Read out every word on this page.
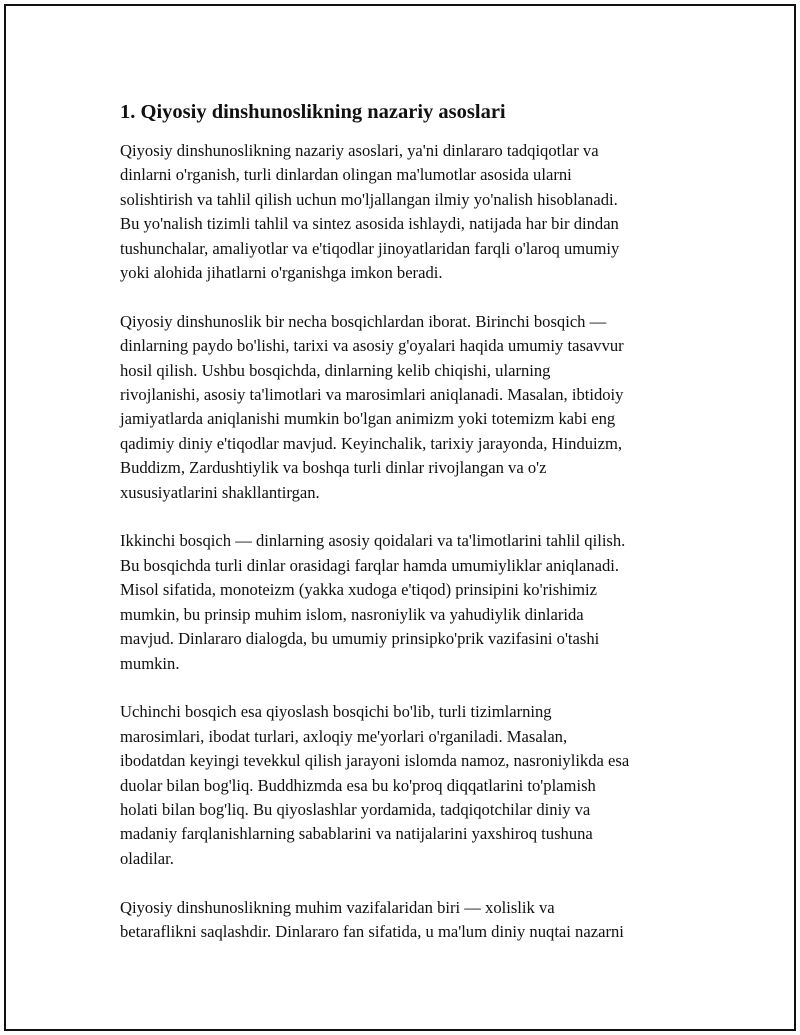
1. Qiyosiy dinshunoslikning nazariy asoslari

Qiyosiy dinshunoslikning nazariy asoslari, ya'ni dinlararo tadqiqotlar va
dinlarni o'rganish, turli dinlardan olingan ma'lumotlar asosida ularni
solishtirish va tahlil qilish uchun mo'ljallangan ilmiy yo'nalish hisoblanadi.
Bu yo'nalish tizimli tahlil va sintez asosida ishlaydi, natijada har bir dindan
tushunchalar, amaliyotlar va e'tiqodlar jinoyatlaridan farqli o'laroq umumiy
yoki alohida jihatlarni o'rganishga imkon beradi.

Qiyosiy dinshunoslik bir necha bosqichlardan iborat. Birinchi bosqich —
dinlarning paydo bo'lishi, tarixi va asosiy g'oyalari haqida umumiy tasavvur
hosil qilish. Ushbu bosqichda, dinlarning kelib chiqishi, ularning
rivojlanishi, asosiy ta'limotlari va marosimlari aniqlanadi. Masalan, ibtidoiy
jamiyatlarda aniqlanishi mumkin bo'lgan animizm yoki totemizm kabi eng
qadimiy diniy e'tiqodlar mavjud. Keyinchalik, tarixiy jarayonda, Hinduizm,
Buddizm, Zardushtiylik va boshqa turli dinlar rivojlangan va o'z
xususiyatlarini shakllantirgan.

Ikkinchi bosqich — dinlarning asosiy qoidalari va ta'limotlarini tahlil qilish.
Bu bosqichda turli dinlar orasidagi farqlar hamda umumiyliklar aniqlanadi.
Misol sifatida, monoteizm (yakka xudoga e'tiqod) prinsipini ko'rishimiz
mumkin, bu prinsip muhim islom, nasroniylik va yahudiylik dinlarida
mavjud. Dinlararo dialogda, bu umumiy prinsipko'prik vazifasini o'tashi
mumkin.

Uchinchi bosqich esa qiyoslash bosqichi bo'lib, turli tizimlarning
marosimlari, ibodat turlari, axloqiy me'yorlari o'rganiladi. Masalan,
ibodatdan keyingi tevekkul qilish jarayoni islomda namoz, nasroniylikda esa
duolar bilan bog'liq. Buddhizmda esa bu ko'proq diqqatlarini to'plamish
holati bilan bog'liq. Bu qiyoslashlar yordamida, tadqiqotchilar diniy va
madaniy farqlanishlarning sabablarini va natijalarini yaxshiroq tushuna
oladilar.

Qiyosiy dinshunoslikning muhim vazifalaridan biri — xolislik va
betaraflikni saqlashdir. Dinlararo fan sifatida, u ma'lum diniy nuqtai nazarni
